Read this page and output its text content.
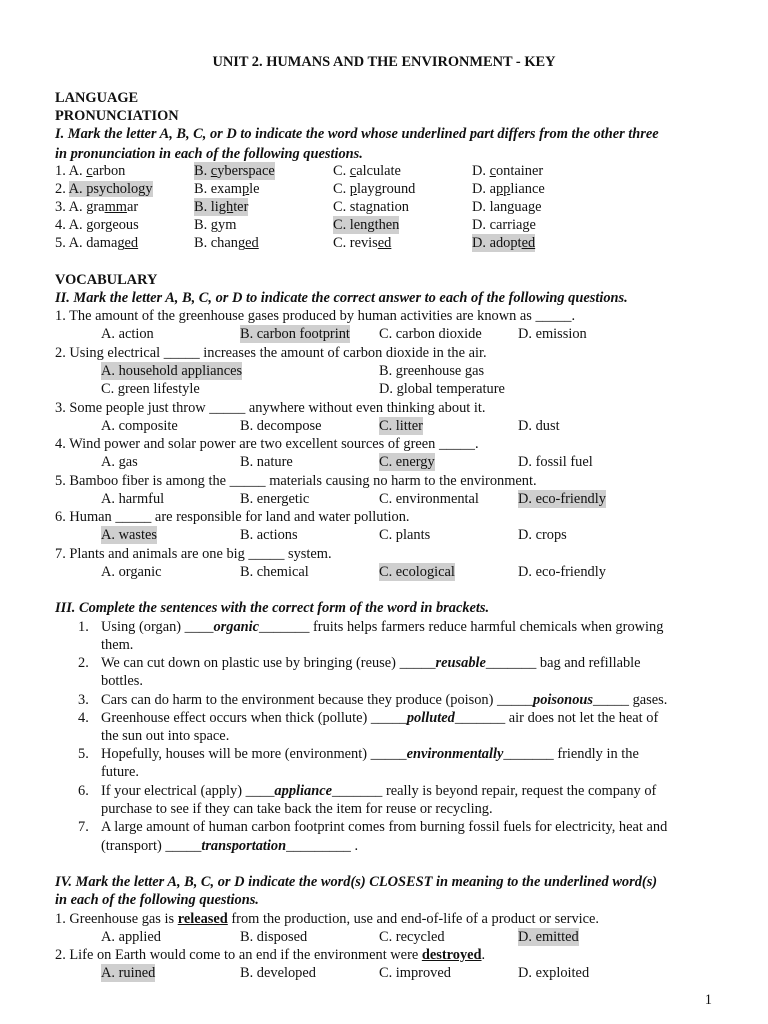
UNIT 2. HUMANS AND THE ENVIRONMENT - KEY
LANGUAGE
PRONUNCIATION
I. Mark the letter A, B, C, or D to indicate the word whose underlined part differs from the other three
in pronunciation in each of the following questions.
1. A. carbon	B. cyberspace	C. calculate	D. container
2. A. psychology	B. example	C. playground	D. appliance
3. A. grammar	B. lighter	C. stagnation	D. language
4. A. gorgeous	B. gym	C. lengthen	D. carriage
5. A. damaged	B. changed	C. revised	D. adopted
VOCABULARY
II. Mark the letter A, B, C, or D to indicate the correct answer to each of the following questions.
1. The amount of the greenhouse gases produced by human activities are known as _____.
A. action	B. carbon footprint C. carbon dioxide	D. emission
2. Using electrical _____ increases the amount of carbon dioxide in the air.
A. household appliances	B. greenhouse gas
C. green lifestyle	D. global temperature
3. Some people just throw _____ anywhere without even thinking about it.
A. composite	B. decompose	C. litter	D. dust
4. Wind power and solar power are two excellent sources of green _____.
A. gas	B. nature	C. energy	D. fossil fuel
5. Bamboo fiber is among the _____ materials causing no harm to the environment.
A. harmful	B. energetic	C. environmental	D. eco-friendly
6. Human _____ are responsible for land and water pollution.
A. wastes	B. actions	C. plants	D. crops
7. Plants and animals are one big _____ system.
A. organic	B. chemical	C. ecological	D. eco-friendly
III. Complete the sentences with the correct form of the word in brackets.
1. Using (organ) ____organic_______ fruits helps farmers reduce harmful chemicals when growing
them.
2. We can cut down on plastic use by bringing (reuse) _____reusable_______ bag and refillable
bottles.
3. Cars can do harm to the environment because they produce (poison) _____poisonous_____ gases.
4. Greenhouse effect occurs when thick (pollute) _____polluted_______ air does not let the heat of
the sun out into space.
5. Hopefully, houses will be more (environment) _____environmentally_______ friendly in the
future.
6. If your electrical (apply) ____appliance_______ really is beyond repair, request the company of
purchase to see if they can take back the item for reuse or recycling.
7. A large amount of human carbon footprint comes from burning fossil fuels for electricity, heat and
(transport) _____transportation_________ .
IV. Mark the letter A, B, C, or D indicate the word(s) CLOSEST in meaning to the underlined word(s)
in each of the following questions.
1. Greenhouse gas is released from the production, use and end-of-life of a product or service.
A. applied	B. disposed	C. recycled	D. emitted
2. Life on Earth would come to an end if the environment were destroyed.
A. ruined	B. developed	C. improved	D. exploited
1
